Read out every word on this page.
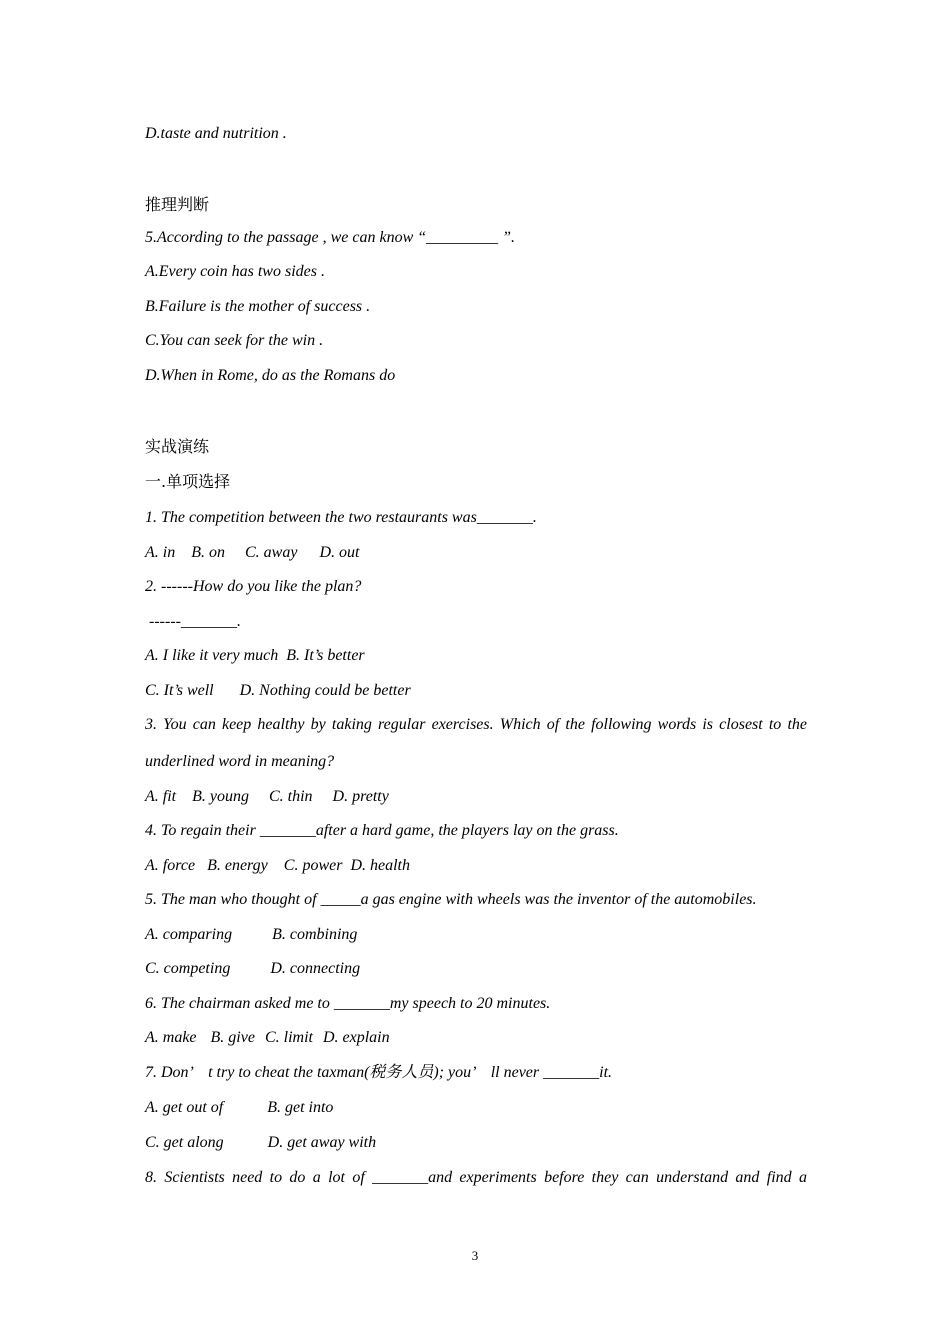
D.taste and nutrition .
推理判断
5.According to the passage , we can know “_________ ”.
A.Every coin has two sides .
B.Failure is the mother of success .
C.You can seek for the win .
D.When in Rome, do as the Romans do
实战演练
一.单项选择
1. The competition between the two restaurants was_______.
A. in B. on C. away D. out
2. ------How do you like the plan?
------_______.
A. I like it very much B. It’s better
C. It’s well D. Nothing could be better
3. You can keep healthy by taking regular exercises. Which of the following words is closest to the
underlined word in meaning?
A. fit B. young C. thin D. pretty
4. To regain their _______after a hard game, the players lay on the grass.
A. force B. energy C. power D. health
5. The man who thought of _____a gas engine with wheels was the inventor of the automobiles.
A. comparing	B. combining
C. competing	D. connecting
6. The chairman asked me to _______my speech to 20 minutes.
A. make B. give C. limit D. explain
7. Don’　t try to cheat the taxman(税务人员); you’　ll never _______it.
A. get out of	B. get into
C. get along	D. get away with
8. Scientists need to do a lot of _______and experiments before they can understand and find a
3
